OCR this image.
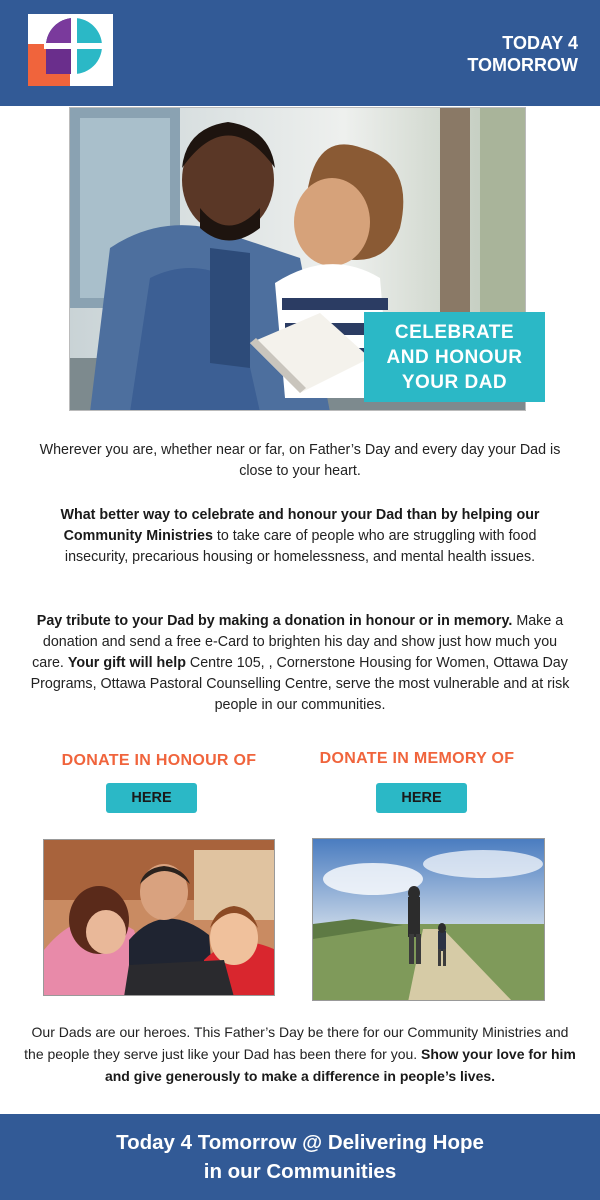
TODAY 4
TOMORROW
CELEBRATE
AND HONOUR
YOUR DAD
Wherever you are, whether near or far, on Father’s Day and every day your Dad is close to your heart.
What better way to celebrate and honour your Dad than by helping our Community Ministries to take care of people who are struggling with food insecurity, precarious housing or homelessness, and mental health issues.
Pay tribute to your Dad by making a donation in honour or in memory. Make a donation and send a free e-Card to brighten his day and show just how much you care. Your gift will help Centre 105, , Cornerstone Housing for Women, Ottawa Day Programs, Ottawa Pastoral Counselling Centre, serve the most vulnerable and at risk people in our communities.
DONATE IN HONOUR OF	DONATE IN MEMORY OF
HERE	HERE
Our Dads are our heroes. This Father’s Day be there for our Community Ministries and the people they serve just like your Dad has been there for you. Show your love for him and give generously to make a difference in people’s lives.
Today 4 Tomorrow @ Delivering Hope
in our Communities
